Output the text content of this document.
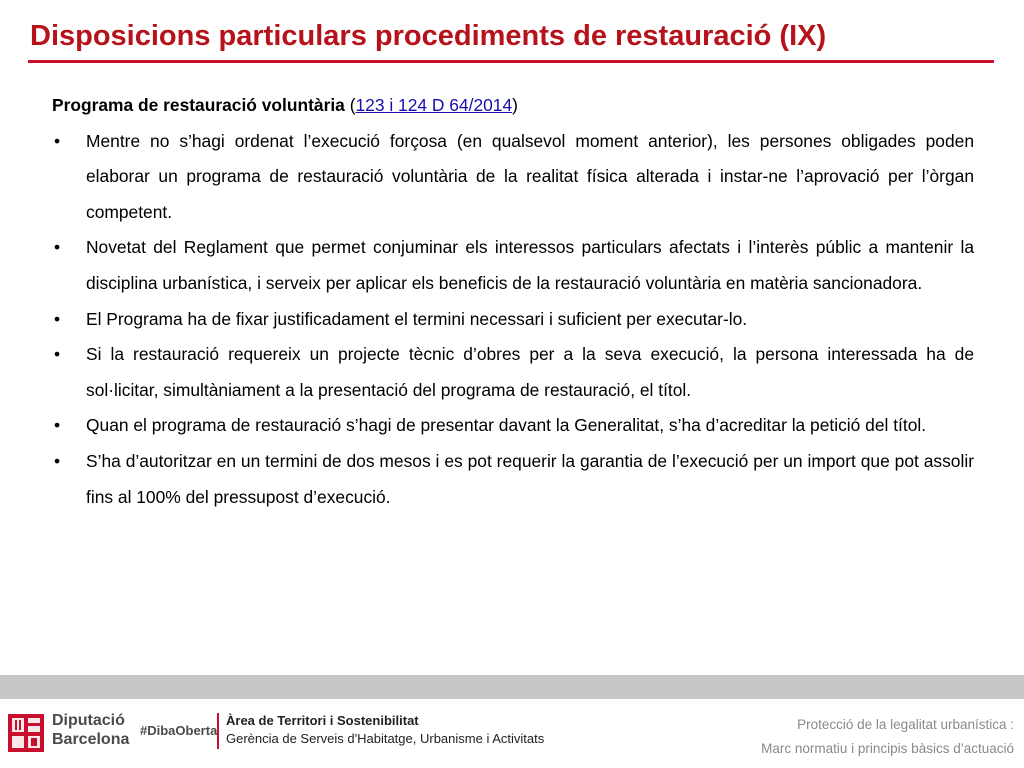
Disposicions particulars procediments de restauració (IX)
Programa de restauració voluntària (123 i 124 D 64/2014)
• Mentre no s’hagi ordenat l’execució forçosa (en qualsevol moment anterior), les persones obligades poden elaborar un programa de restauració voluntària de la realitat física alterada i instar-ne l’aprovació per l’òrgan competent.
• Novetat del Reglament que permet conjuminar els interessos particulars afectats i l’interès públic a mantenir la disciplina urbanística, i serveix per aplicar els beneficis de la restauració voluntària en matèria sancionadora.
• El Programa ha de fixar justificadament el termini necessari i suficient per executar-lo.
• Si la restauració requereix un projecte tècnic d’obres per a la seva execució, la persona interessada ha de sol·licitar, simultàniament a la presentació del programa de restauració, el títol.
• Quan el programa de restauració s’hagi de presentar davant la Generalitat, s’ha d’acreditar la petició del títol.
• S’ha d’autoritzar en un termini de dos mesos i es pot requerir la garantia de l’execució per un import que pot assolir fins al 100% del pressupost d’execució.
Diputació
Barcelona
#DibaOberta
Àrea de Territori i Sostenibilitat
Gerència de Serveis d'Habitatge, Urbanisme i Activitats
Protecció de la legalitat urbanística :
Marc normatiu i principis bàsics d’actuació
